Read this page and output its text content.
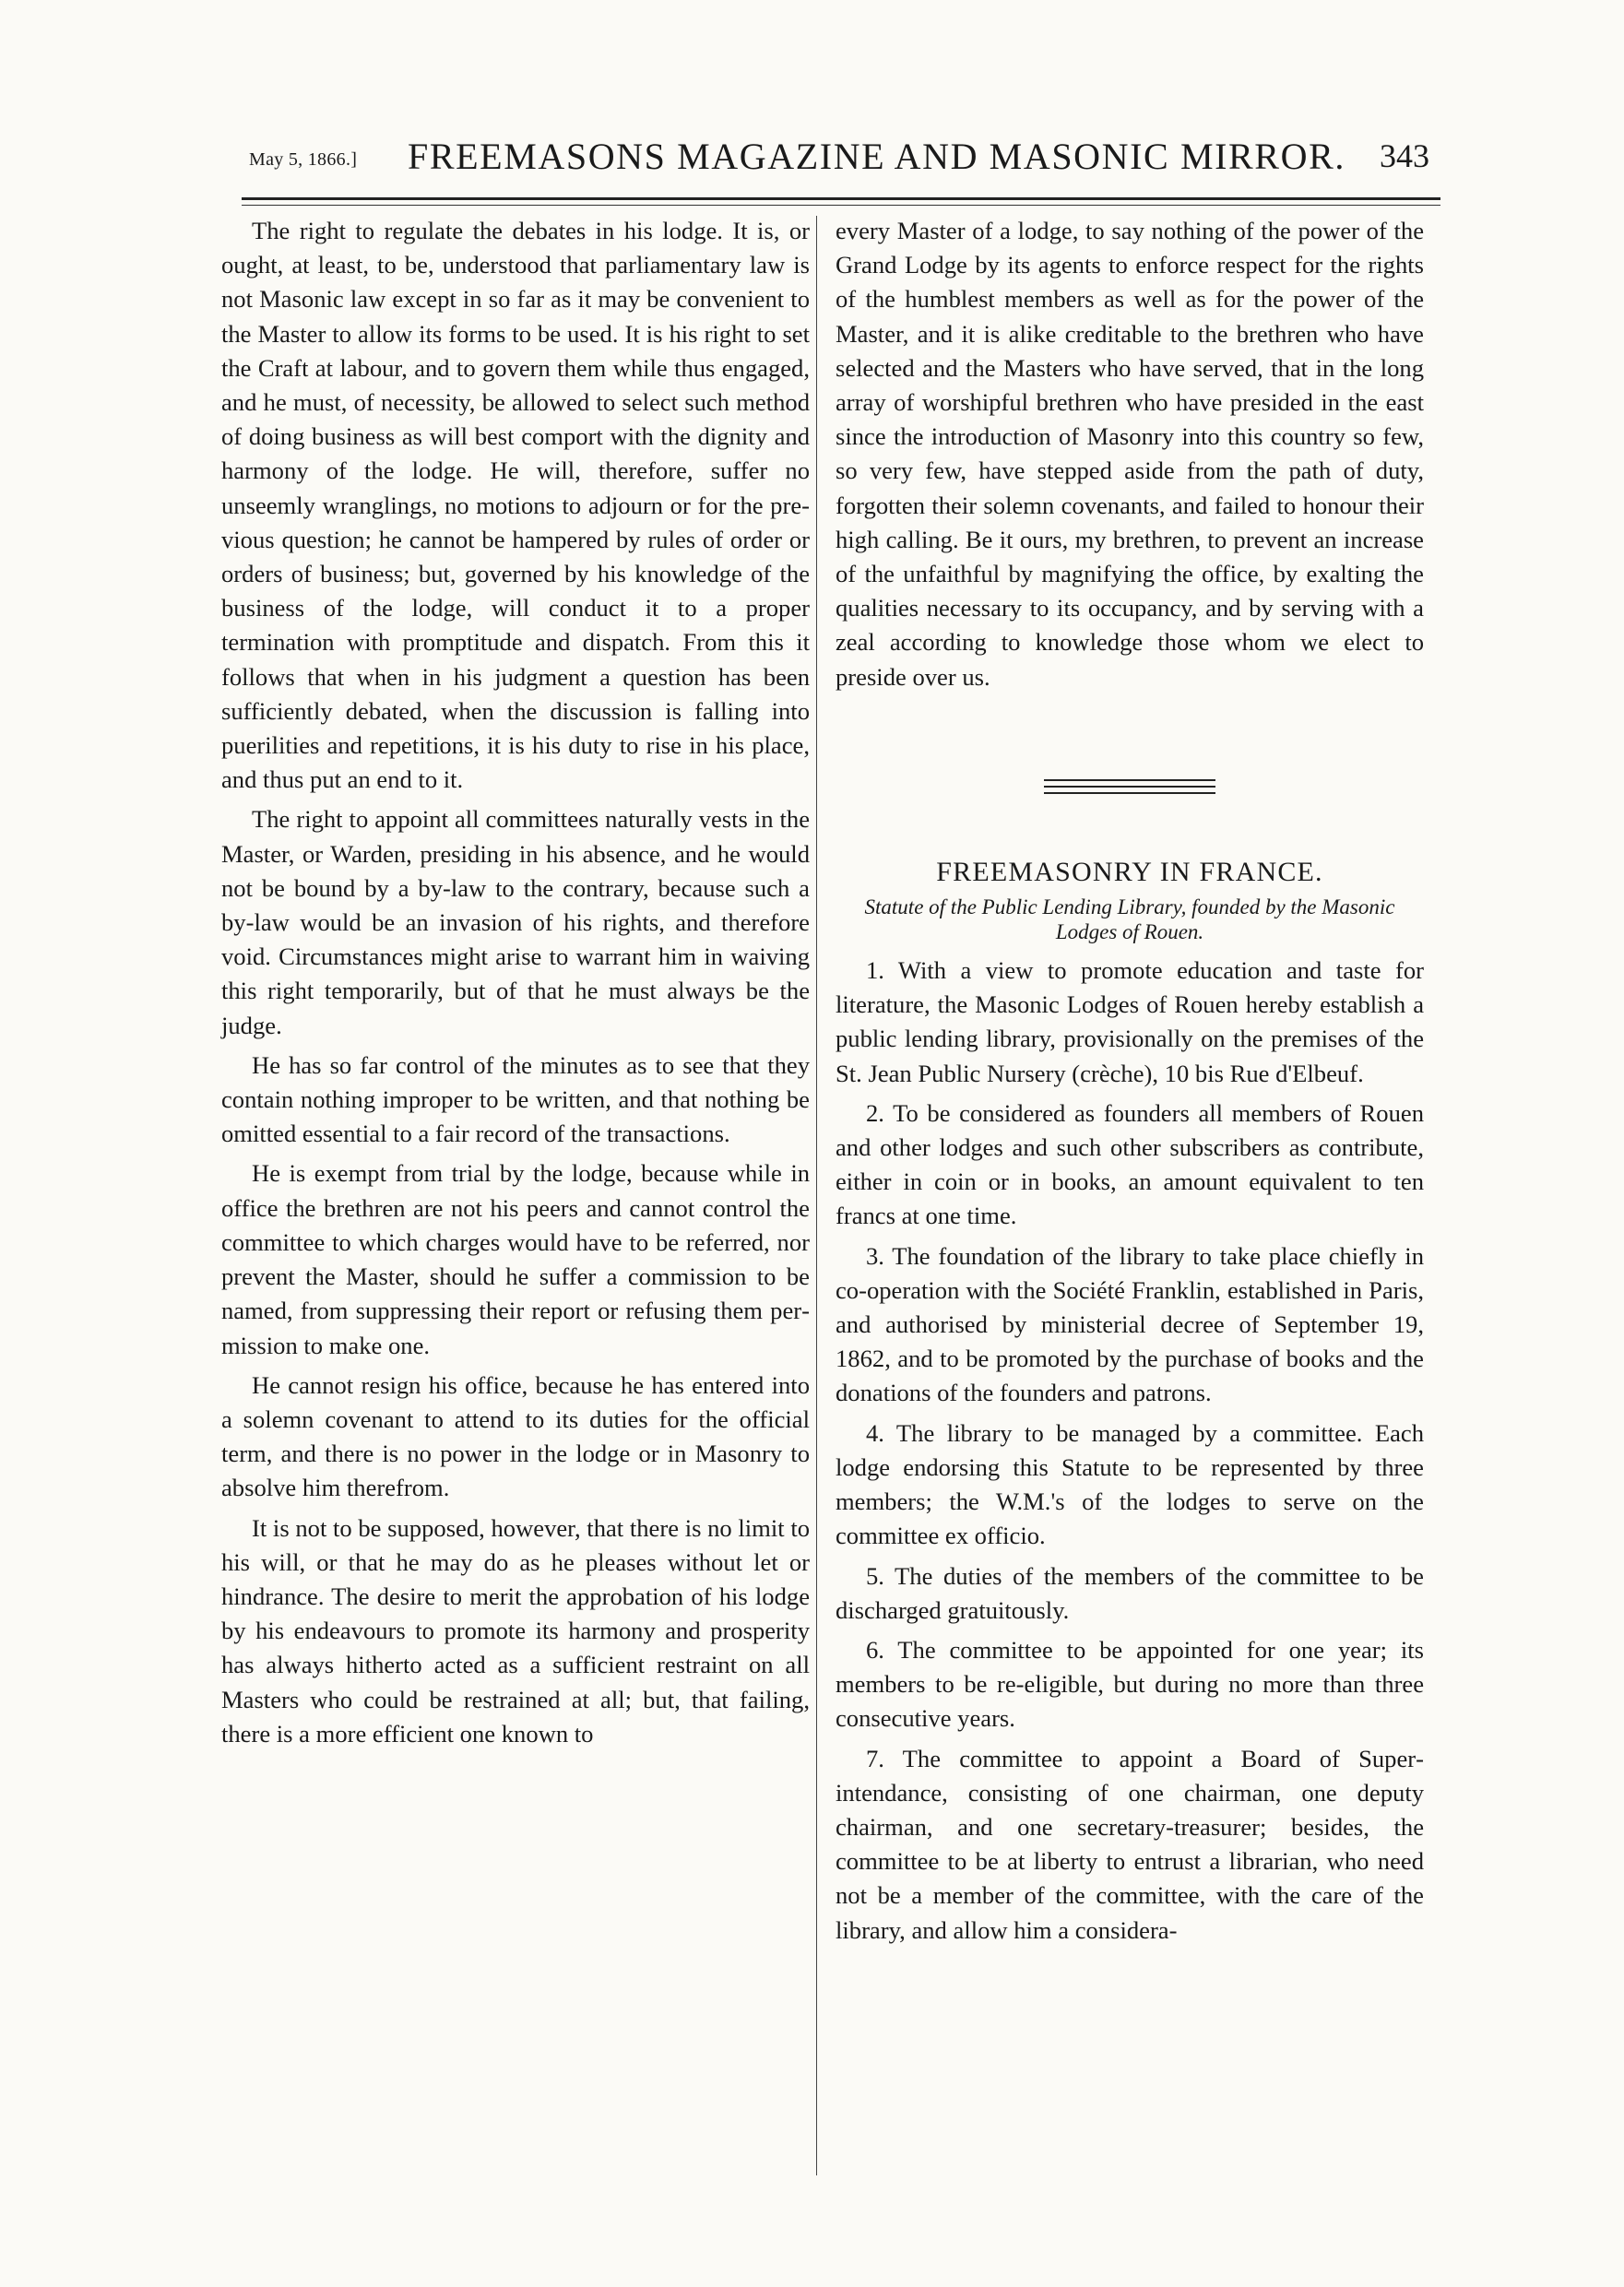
May 5, 1866.] FREEMASONS MAGAZINE AND MASONIC MIRROR. 343

The right to regulate the debates in his lodge. It is, or ought, at least, to be, understood that parliamentary law is not Masonic law except in so far as it may be convenient to the Master to allow its forms to be used. It is his right to set the Craft at labour, and to govern them while thus engaged, and he must, of necessity, be allowed to select such method of doing business as will best comport with the dignity and harmony of the lodge. He will, therefore, suffer no unseemly wranglings, no motions to adjourn or for the previous question; he cannot be hampered by rules of order or orders of business; but, governed by his knowledge of the business of the lodge, will conduct it to a proper termination with promptitude and dispatch. From this it follows that when in his judgment a question has been sufficiently debated, when the discussion is falling into puerilities and repetitions, it is his duty to rise in his place, and thus put an end to it.

The right to appoint all committees naturally vests in the Master, or Warden, presiding in his absence, and he would not be bound by a by-law to the contrary, because such a by-law would be an invasion of his rights, and therefore void. Circumstances might arise to warrant him in waiving this right temporarily, but of that he must always be the judge.

He has so far control of the minutes as to see that they contain nothing improper to be written, and that nothing be omitted essential to a fair record of the transactions.

He is exempt from trial by the lodge, because while in office the brethren are not his peers and cannot control the committee to which charges would have to be referred, nor prevent the Master, should he suffer a commission to be named, from suppressing their report or refusing them permission to make one.

He cannot resign his office, because he has entered into a solemn covenant to attend to its duties for the official term, and there is no power in the lodge or in Masonry to absolve him therefrom.

It is not to be supposed, however, that there is no limit to his will, or that he may do as he pleases without let or hindrance. The desire to merit the approbation of his lodge by his endeavours to promote its harmony and prosperity has always hitherto acted as a sufficient restraint on all Masters who could be restrained at all; but, that failing, there is a more efficient one known to

every Master of a lodge, to say nothing of the power of the Grand Lodge by its agents to enforce respect for the rights of the humblest members as well as for the power of the Master, and it is alike creditable to the brethren who have selected and the Masters who have served, that in the long array of worshipful brethren who have presided in the east since the introduction of Masonry into this country so few, so very few, have stepped aside from the path of duty, forgotten their solemn covenants, and failed to honour their high calling. Be it ours, my brethren, to prevent an increase of the unfaithful by magnifying the office, by exalting the qualities necessary to its occupancy, and by serving with a zeal according to knowledge those whom we elect to preside over us.

FREEMASONRY IN FRANCE.
Statute of the Public Lending Library, founded by the Masonic Lodges of Rouen.

1. With a view to promote education and taste for literature, the Masonic Lodges of Rouen hereby establish a public lending library, provisionally on the premises of the St. Jean Public Nursery (crèche), 10 bis Rue d'Elbeuf.

2. To be considered as founders all members of Rouen and other lodges and such other subscribers as contribute, either in coin or in books, an amount equivalent to ten francs at one time.

3. The foundation of the library to take place chiefly in co-operation with the Société Franklin, established in Paris, and authorised by ministerial decree of September 19, 1862, and to be promoted by the purchase of books and the donations of the founders and patrons.

4. The library to be managed by a committee. Each lodge endorsing this Statute to be represented by three members; the W.M.'s of the lodges to serve on the committee ex officio.

5. The duties of the members of the committee to be discharged gratuitously.

6. The committee to be appointed for one year; its members to be re-eligible, but during no more than three consecutive years.

7. The committee to appoint a Board of Superintendance, consisting of one chairman, one deputy chairman, and one secretary-treasurer; besides, the committee to be at liberty to entrust a librarian, who need not be a member of the committee, with the care of the library, and allow him a considera-
